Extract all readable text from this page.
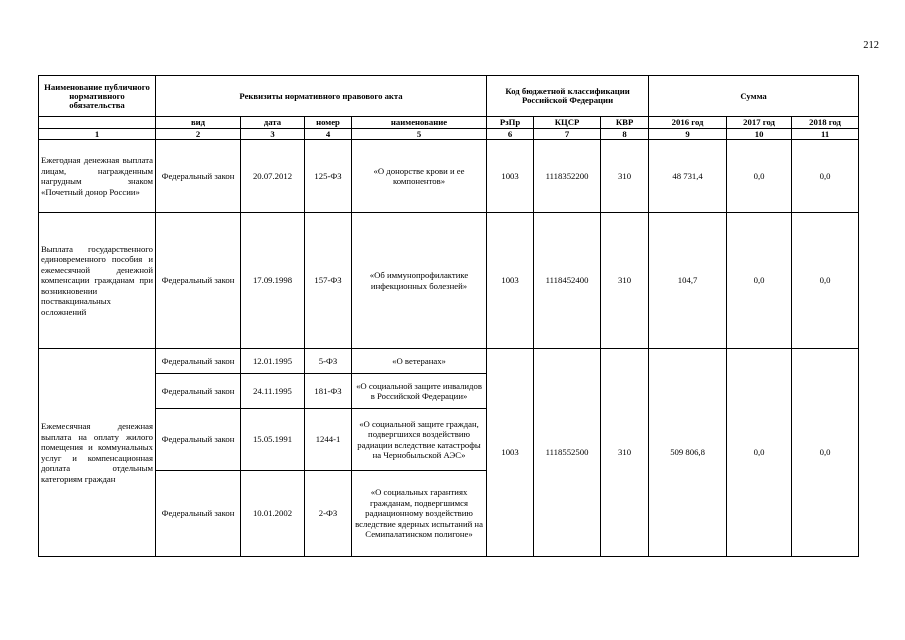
212
Наименование публичного нормативного обязательства	Реквизиты нормативного правового акта				Код бюджетной классификации Российской Федерации			Сумма		
	вид	дата	номер	наименование	РзПр	КЦСР	КВР	2016 год	2017 год	2018 год
1	2	3	4	5	6	7	8	9	10	11
Ежегодная денежная выплата лицам, награжденным нагрудным знаком «Почетный донор России»	Федеральный закон	20.07.2012	125-ФЗ	«О донорстве крови и ее компонентов»	1003	1118352200	310	48 731,4	0,0	0,0
Выплата государственного единовременного пособия и ежемесячной денежной компенсации гражданам при возникновении поствакцинальных осложнений	Федеральный закон	17.09.1998	157-ФЗ	«Об иммунопрофилактике инфекционных болезней»	1003	1118452400	310	104,7	0,0	0,0
Ежемесячная денежная выплата на оплату жилого помещения и коммунальных услуг и компенсационная доплата отдельным категориям граждан	Федеральный закон	12.01.1995	5-ФЗ	«О ветеранах»	1003	1118552500	310	509 806,8	0,0	0,0
	Федеральный закон	24.11.1995	181-ФЗ	«О социальной защите инвалидов в Российской Федерации»						
	Федеральный закон	15.05.1991	1244-1	«О социальной защите граждан, подвергшихся воздействию радиации вследствие катастрофы на Чернобыльской АЭС»						
	Федеральный закон	10.01.2002	2-ФЗ	«О социальных гарантиях гражданам, подвергшимся радиационному воздействию вследствие ядерных испытаний на Семипалатинском полигоне»						
